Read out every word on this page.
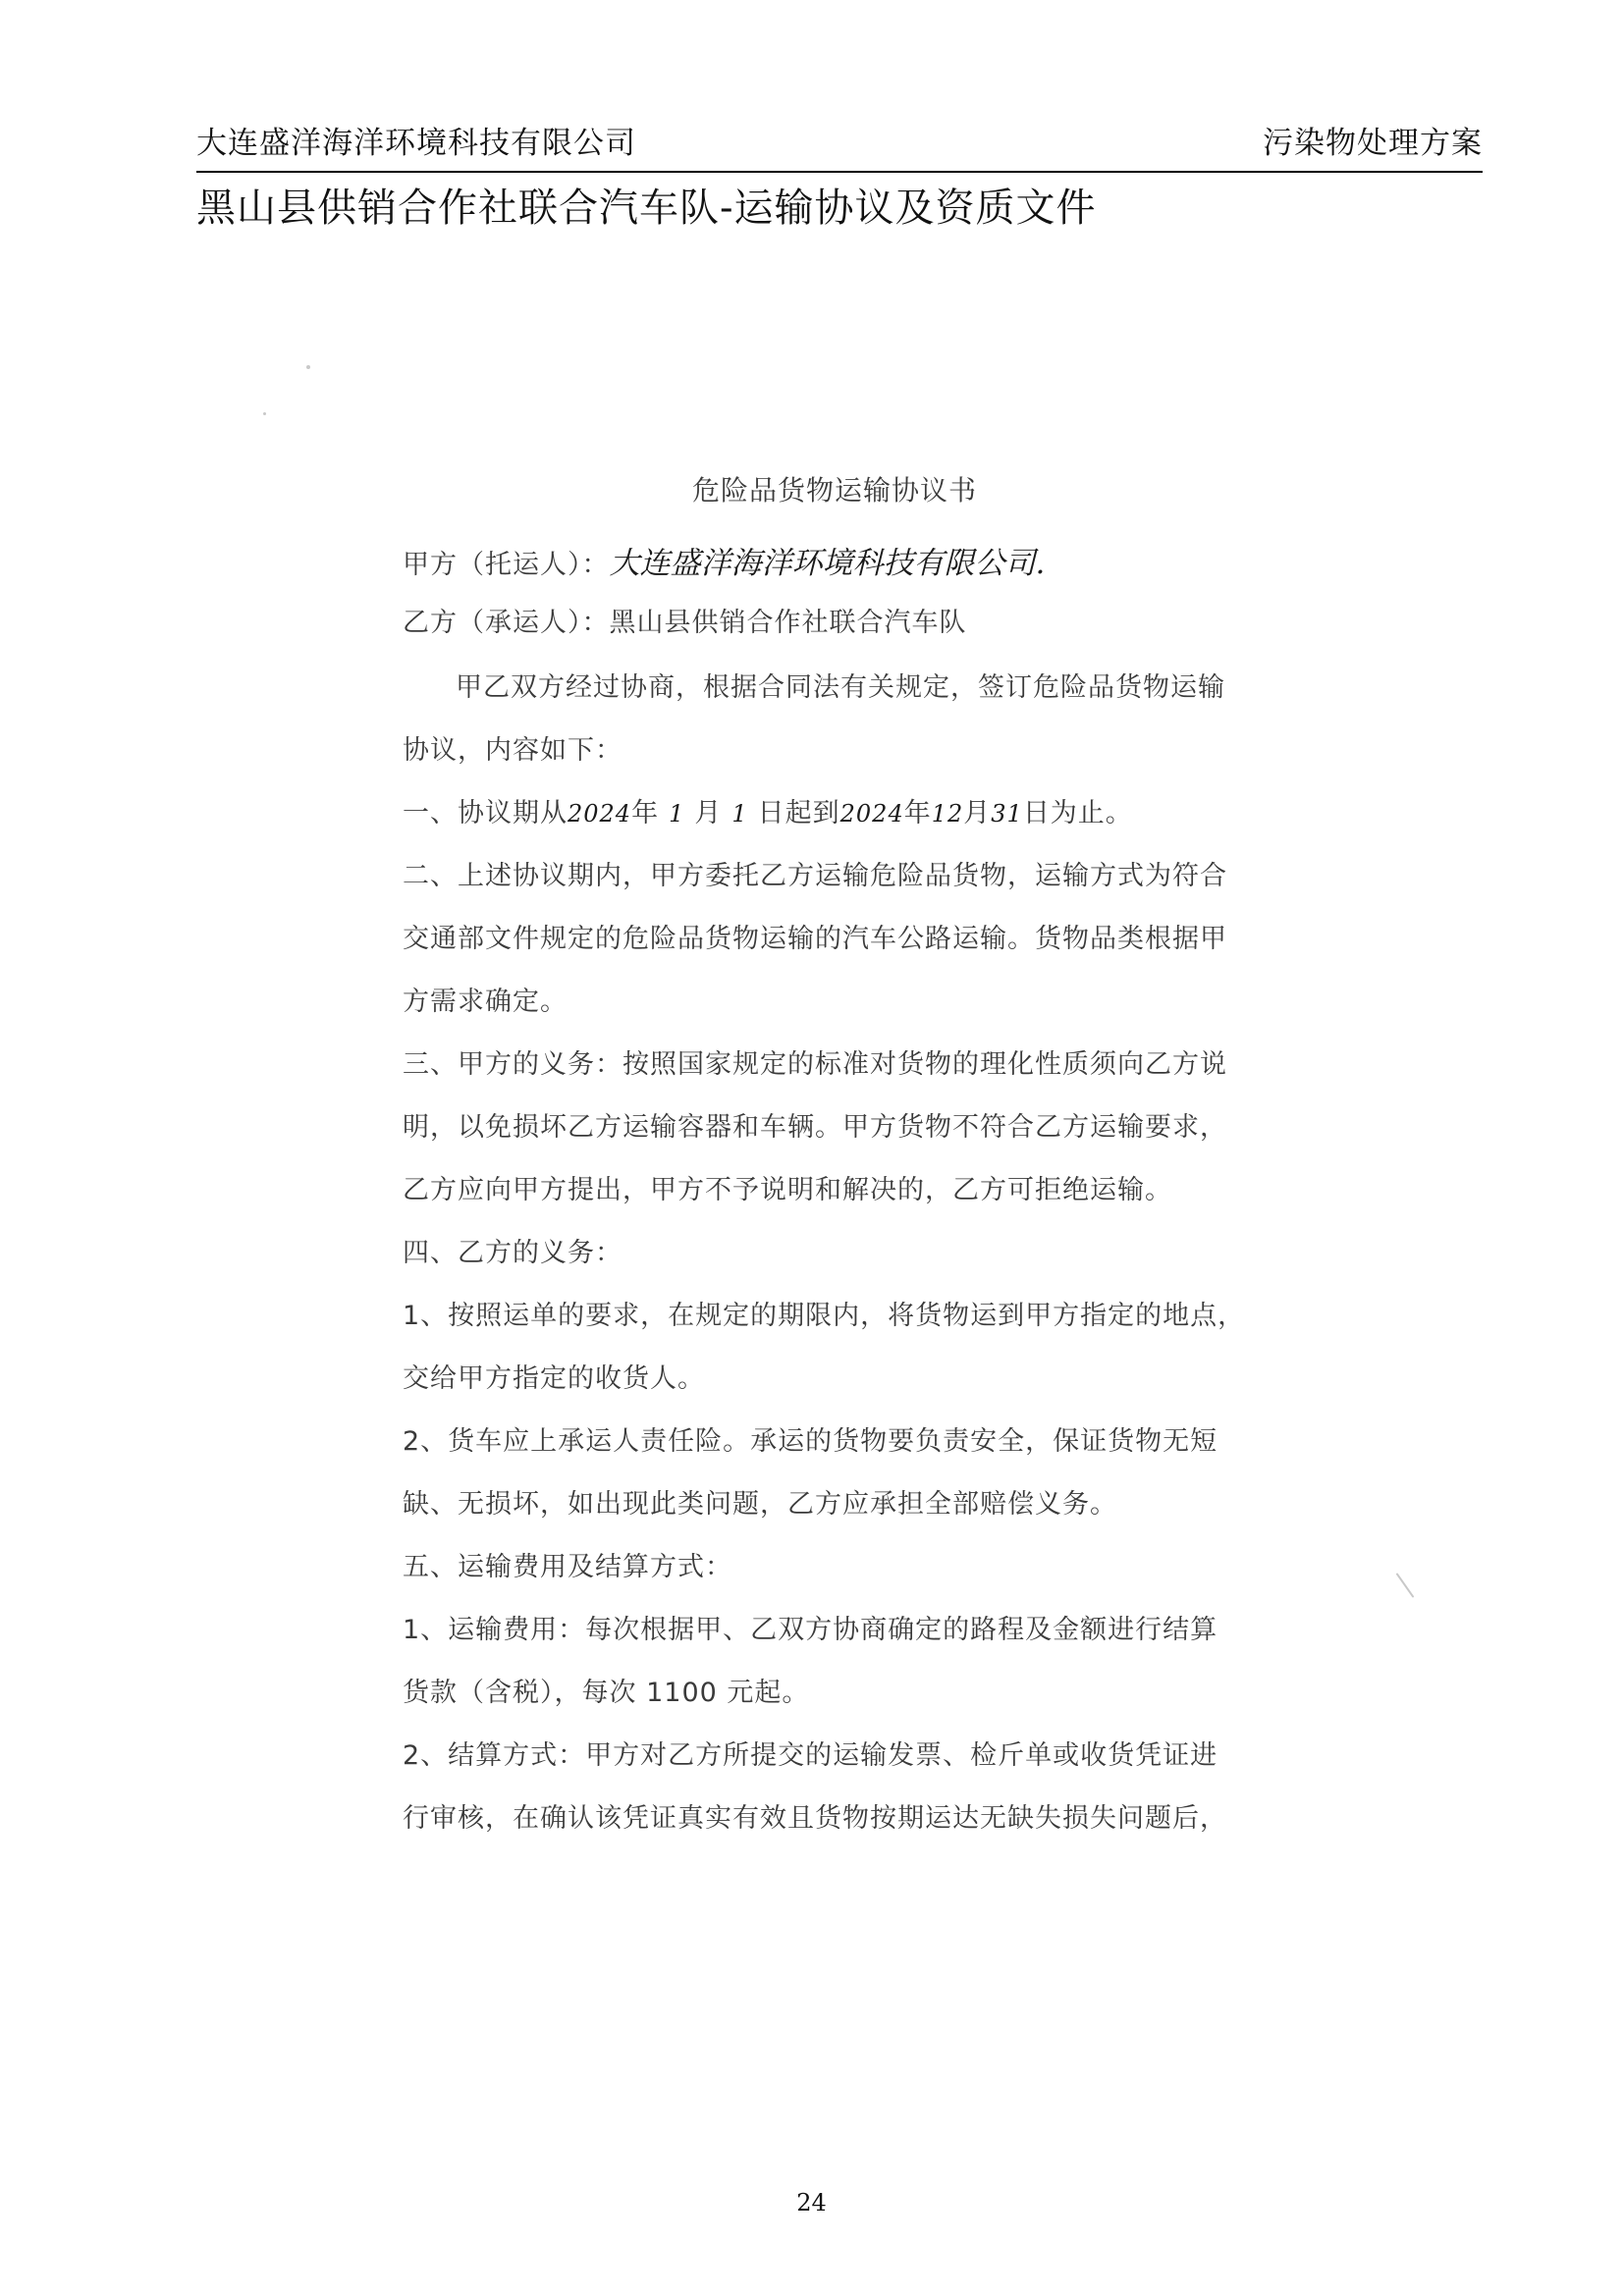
大连盛洋海洋环境科技有限公司	污染物处理方案
黑山县供销合作社联合汽车队-运输协议及资质文件
危险品货物运输协议书
甲方（托运人）：大连盛洋海洋环境科技有限公司.
乙方（承运人）：黑山县供销合作社联合汽车队
甲乙双方经过协商，根据合同法有关规定，签订危险品货物运输
协议，内容如下：
一、协议期从2024年 1 月 1 日起到2024年12月31日为止。
二、上述协议期内，甲方委托乙方运输危险品货物，运输方式为符合
交通部文件规定的危险品货物运输的汽车公路运输。货物品类根据甲
方需求确定。
三、甲方的义务：按照国家规定的标准对货物的理化性质须向乙方说
明，以免损坏乙方运输容器和车辆。甲方货物不符合乙方运输要求，
乙方应向甲方提出，甲方不予说明和解决的，乙方可拒绝运输。
四、乙方的义务：
1、按照运单的要求，在规定的期限内，将货物运到甲方指定的地点，
交给甲方指定的收货人。
2、货车应上承运人责任险。承运的货物要负责安全，保证货物无短
缺、无损坏，如出现此类问题，乙方应承担全部赔偿义务。
五、运输费用及结算方式：
1、运输费用：每次根据甲、乙双方协商确定的路程及金额进行结算
货款（含税），每次 1100 元起。
2、结算方式：甲方对乙方所提交的运输发票、检斤单或收货凭证进
行审核，在确认该凭证真实有效且货物按期运达无缺失损失问题后，
24
